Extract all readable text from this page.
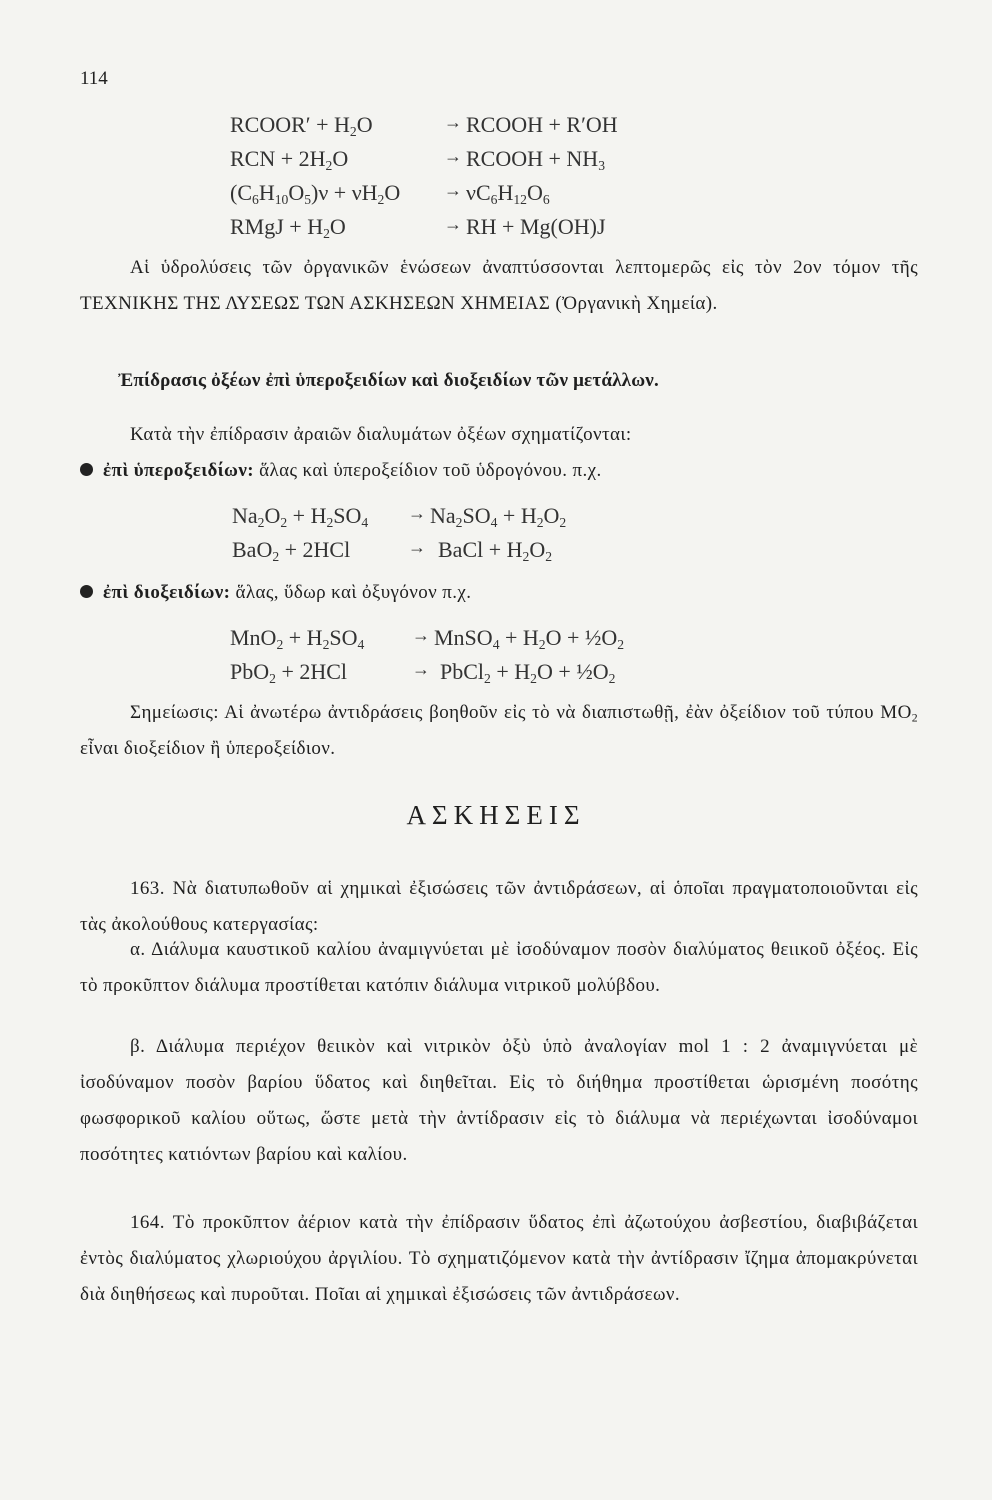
114
RCOOR′ + $H_2O$	→ RCOOH + R′OH
RCN + $2H_2O$	→ RCOOH + $NH_3$
$(C_6H_{10}O_5)\nu + \nu H_2O \to \nu C_6H_{12}O_6$
RMgJ + $H_2O$	→ RH + Mg(OH)J
Αἱ ὑδρολύσεις τῶν ὀργανικῶν ἑνώσεων ἀναπτύσσονται λεπτομερῶς εἰς τὸν 2ον τόμον τῆς ΤΕΧΝΙΚΗΣ ΤΗΣ ΛΥΣΕΩΣ ΤΩΝ ΑΣΚΗΣΕΩΝ ΧΗΜΕΙΑΣ (Ὀργανικὴ Χημεία).
Ἐπίδρασις ὀξέων ἐπὶ ὑπεροξειδίων καὶ διοξειδίων τῶν μετάλλων.
Κατὰ τὴν ἐπίδρασιν ἀραιῶν διαλυμάτων ὀξέων σχηματίζονται:
ἐπὶ ὑπεροξειδίων: ἅλας καὶ ὑπεροξείδιον τοῦ ὑδρογόνου. π.χ.
$Na_2O_2 + H_2SO_4 \to Na_2SO_4 + H_2O_2$
BaO$_2$ + 2HCl	→ BaCl + $H_2O_2$
ἐπὶ διοξειδίων: ἅλας, ὕδωρ καὶ ὀξυγόνον π.χ.
$MnO_2 + H_2SO_4$	→ MnSO$_4$ + $H_2O$ + $\frac{1}{2}O_2$
PbO$_2$ + 2HCl	→ PbCl$_2$ + $H_2O$ + $\frac{1}{2}O_2$
Σημείωσις: Αἱ ἀνωτέρω ἀντιδράσεις βοηθοῦν εἰς τὸ νὰ διαπιστωθῇ, ἐὰν ὀξείδιον τοῦ τύπου $MO_2$ εἶναι διοξείδιον ἢ ὑπεροξείδιον.
ΑΣΚΗΣΕΙΣ
163. Νὰ διατυπωθοῦν αἱ χημικαὶ ἐξισώσεις τῶν ἀντιδράσεων, αἱ ὁποῖαι πραγματοποιοῦνται εἰς τὰς ἀκολούθους κατεργασίας:
α. Διάλυμα καυστικοῦ καλίου ἀναμιγνύεται μὲ ἰσοδύναμον ποσὸν διαλύματος θειικοῦ ὀξέος. Εἰς τὸ προκῦπτον διάλυμα προστίθεται κατόπιν διάλυμα νιτρικοῦ μολύβδου.
β. Διάλυμα περιέχον θειικὸν καὶ νιτρικὸν ὀξὺ ὑπὸ ἀναλογίαν mol 1 : 2 ἀναμιγνύεται μὲ ἰσοδύναμον ποσὸν βαρίου ὕδατος καὶ διηθεῖται. Εἰς τὸ διήθημα προστίθεται ὡρισμένη ποσότης φωσφορικοῦ καλίου οὕτως, ὥστε μετὰ τὴν ἀντίδρασιν εἰς τὸ διάλυμα νὰ περιέχωνται ἰσοδύναμοι ποσότητες κατιόντων βαρίου καὶ καλίου.
164. Τὸ προκῦπτον ἀέριον κατὰ τὴν ἐπίδρασιν ὕδατος ἐπὶ ἀζωτούχου ἀσβεστίου, διαβιβάζεται ἐντὸς διαλύματος χλωριούχου ἀργιλίου. Τὸ σχηματιζόμενον κατὰ τὴν ἀντίδρασιν ἴζημα ἀπομακρύνεται διὰ διηθήσεως καὶ πυροῦται. Ποῖαι αἱ χημικαὶ ἐξισώσεις τῶν ἀντιδράσεων.
